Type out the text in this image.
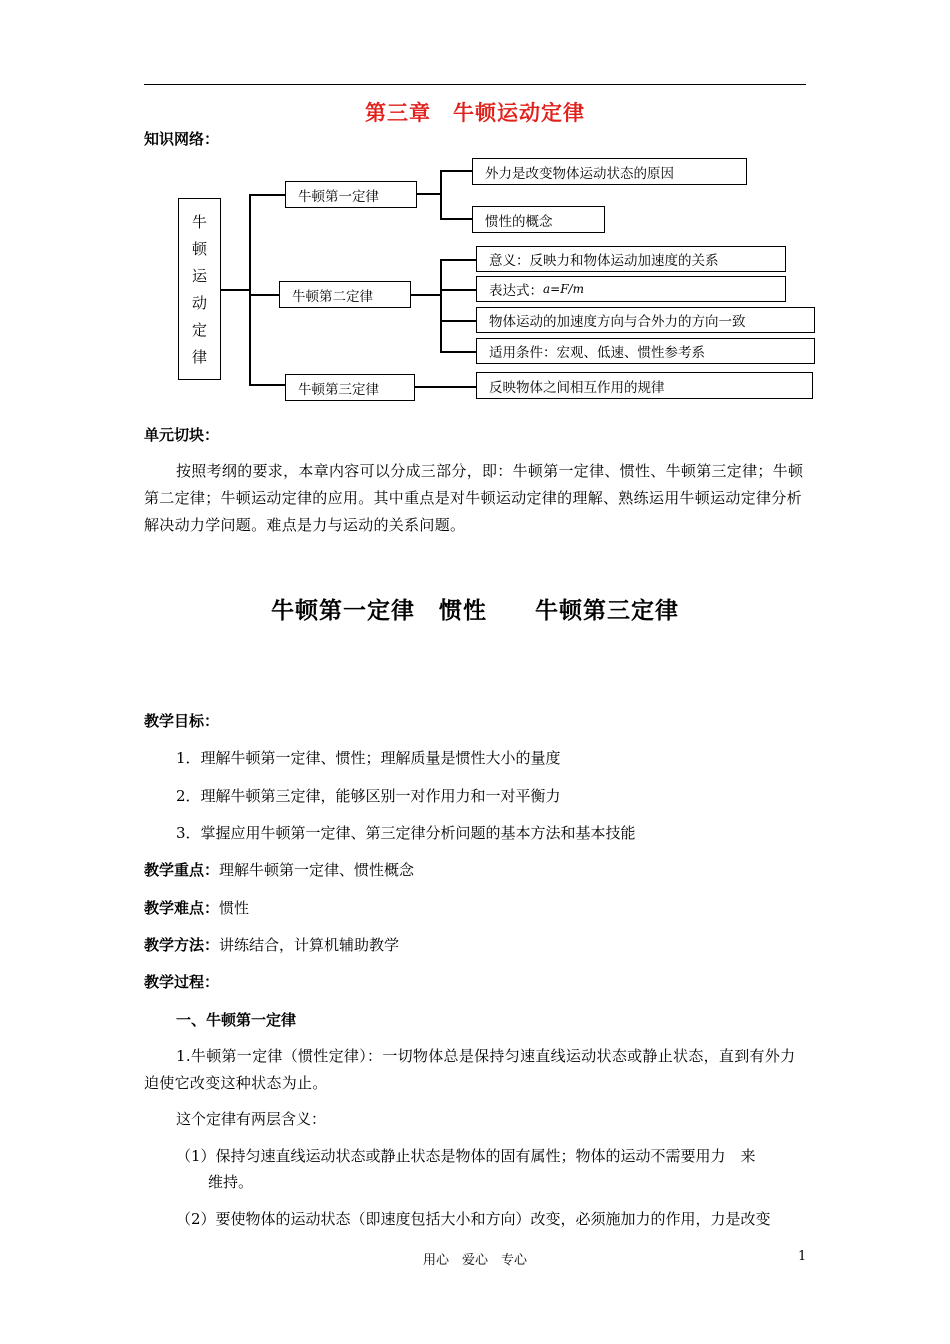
第三章　牛顿运动定律
知识网络：
牛
顿
运
动
定
律
牛顿第一定律
牛顿第二定律
牛顿第三定律
外力是改变物体运动状态的原因
惯性的概念
意义：反映力和物体运动加速度的关系
表达式： a=F/m
物体运动的加速度方向与合外力的方向一致
适用条件：宏观、低速、惯性参考系
反映物体之间相互作用的规律
单元切块：
按照考纲的要求，本章内容可以分成三部分，即：牛顿第一定律、惯性、牛顿第三定律；牛顿第二定律；牛顿运动定律的应用。其中重点是对牛顿运动定律的理解、熟练运用牛顿运动定律分析解决动力学问题。难点是力与运动的关系问题。
牛顿第一定律　惯性　　牛顿第三定律
教学目标：
1．理解牛顿第一定律、惯性；理解质量是惯性大小的量度
2．理解牛顿第三定律，能够区别一对作用力和一对平衡力
3．掌握应用牛顿第一定律、第三定律分析问题的基本方法和基本技能
教学重点：理解牛顿第一定律、惯性概念
教学难点：惯性
教学方法：讲练结合，计算机辅助教学
教学过程：
一、牛顿第一定律
1.牛顿第一定律（惯性定律）：一切物体总是保持匀速直线运动状态或静止状态，直到有外力迫使它改变这种状态为止。
这个定律有两层含义：
（1）保持匀速直线运动状态或静止状态是物体的固有属性；物体的运动不需要用力　来
维持。
（2）要使物体的运动状态（即速度包括大小和方向）改变，必须施加力的作用，力是改变
用心　爱心　专心	1
